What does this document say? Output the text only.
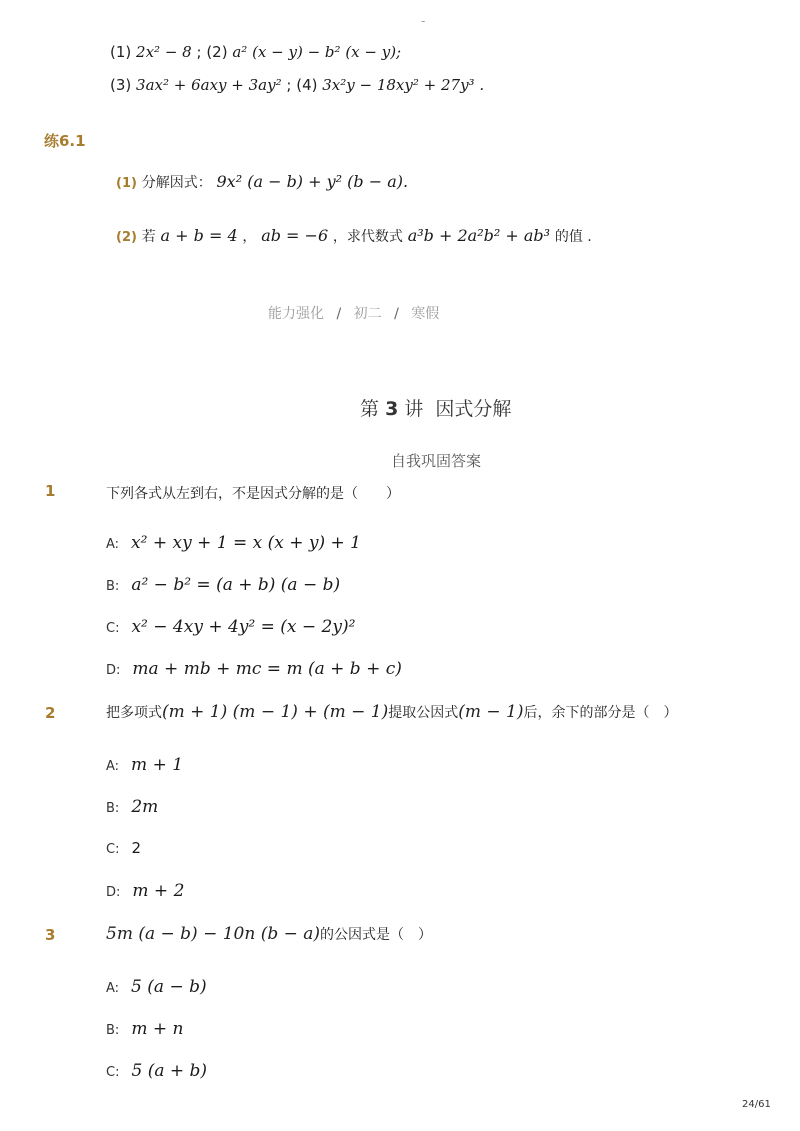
-
(1) 2x² − 8 ; (2) a² (x − y) − b² (x − y);
(3) 3ax² + 6axy + 3ay² ; (4) 3x²y − 18xy² + 27y³ .
练6.1
(1) 分解因式： 9x² (a − b) + y² (b − a).
(2) 若 a + b = 4 ， ab = −6 ，求代数式 a³b + 2a²b² + ab³ 的值 .
能力强化 / 初二 / 寒假
第 3 讲 因式分解
自我巩固答案
1	下列各式从左到右，不是因式分解的是（　　）
A: x² + xy + 1 = x (x + y) + 1
B: a² − b² = (a + b) (a − b)
C: x² − 4xy + 4y² = (x − 2y)²
D: ma + mb + mc = m (a + b + c)
2	把多项式(m + 1) (m − 1) + (m − 1)提取公因式(m − 1)后，余下的部分是（　）
A: m + 1
B: 2m
C: 2
D: m + 2
3	5m (a − b) − 10n (b − a)的公因式是（　）
A: 5 (a − b)
B: m + n
C: 5 (a + b)
24/61
